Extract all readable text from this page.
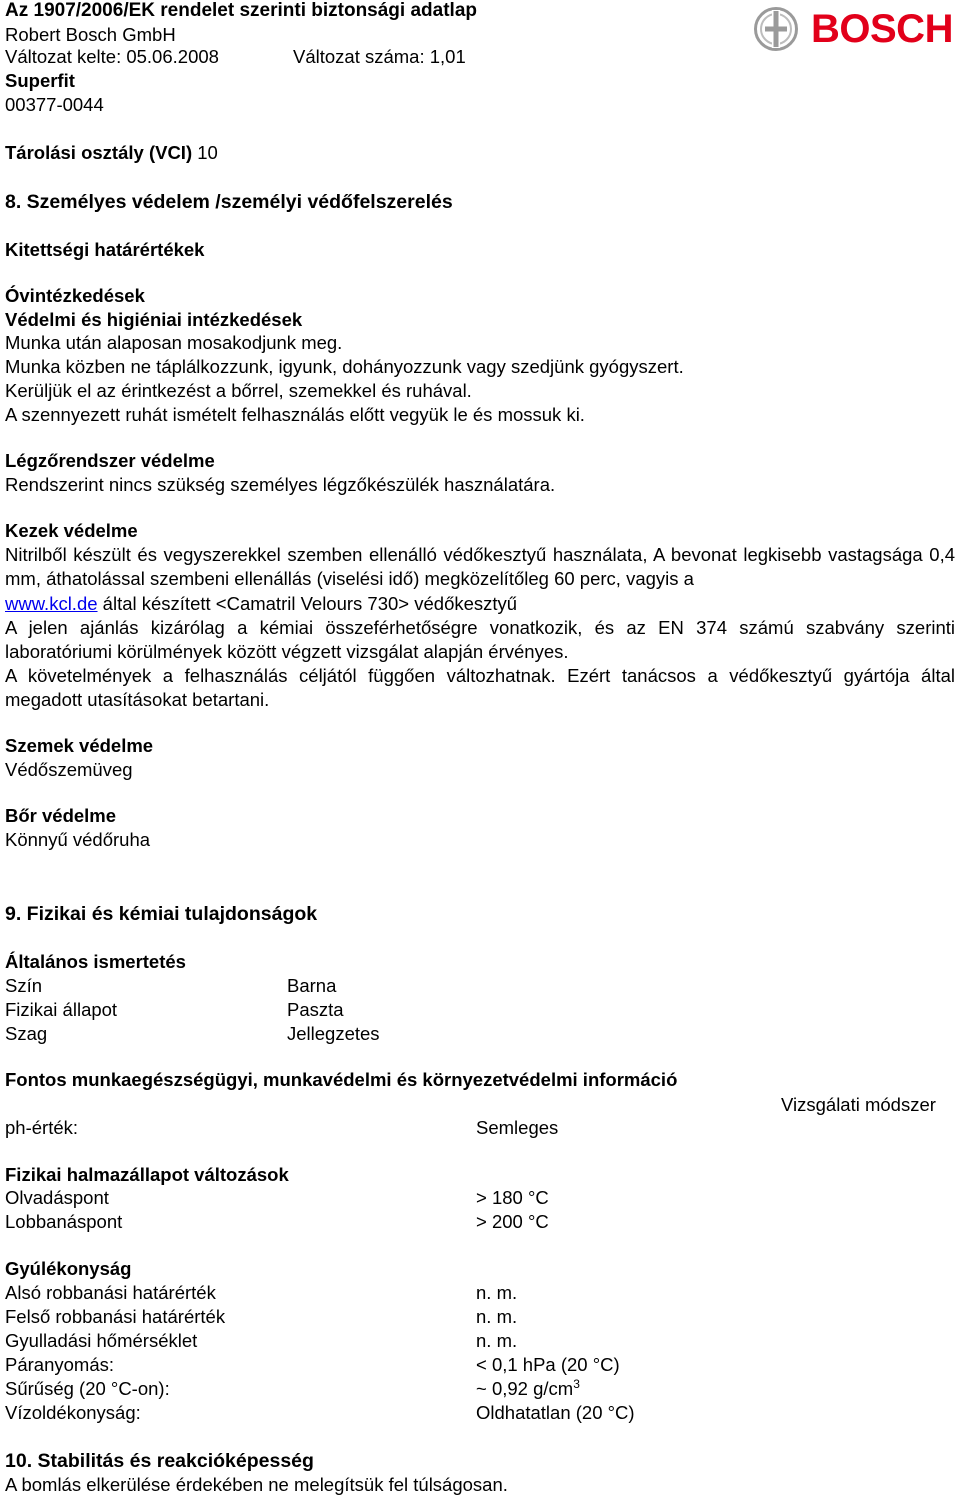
Az 1907/2006/EK rendelet szerinti biztonsági adatlap
Robert Bosch GmbH
Változat kelte: 05.06.2008	Változat száma: 1,01
Superfit
00377-0044
BOSCH
Tárolási osztály (VCI) 10
8. Személyes védelem /személyi védőfelszerelés
Kitettségi határértékek
Óvintézkedések
Védelmi és higiéniai intézkedések
Munka után alaposan mosakodjunk meg.
Munka közben ne táplálkozzunk, igyunk, dohányozzunk vagy szedjünk gyógyszert.
Kerüljük el az érintkezést a bőrrel, szemekkel és ruhával.
A szennyezett ruhát ismételt felhasználás előtt vegyük le és mossuk ki.
Légzőrendszer védelme
Rendszerint nincs szükség személyes légzőkészülék használatára.
Kezek védelme
Nitrilből készült és vegyszerekkel szemben ellenálló védőkesztyű használata, A bevonat legkisebb vastagsága 0,4 mm, áthatolással szembeni ellenállás (viselési idő) megközelítőleg 60 perc, vagyis a
www.kcl.de által készített <Camatril Velours 730> védőkesztyű
A jelen ajánlás kizárólag a kémiai összeférhetőségre vonatkozik, és az EN 374 számú szabvány szerinti laboratóriumi körülmények között végzett vizsgálat alapján érvényes.
A követelmények a felhasználás céljától függően változhatnak. Ezért tanácsos a védőkesztyű gyártója által megadott utasításokat betartani.
Szemek védelme
Védőszemüveg
Bőr védelme
Könnyű védőruha
9. Fizikai és kémiai tulajdonságok
Általános ismertetés
Szín	Barna
Fizikai állapot	Paszta
Szag	Jellegzetes
Fontos munkaegészségügyi, munkavédelmi és környezetvédelmi információ
Vizsgálati módszer
ph-érték:	Semleges
Fizikai halmazállapot változások
Olvadáspont	> 180 °C
Lobbanáspont	> 200 °C
Gyúlékonyság
Alsó robbanási határérték	n. m.
Felső robbanási határérték	n. m.
Gyulladási hőmérséklet	n. m.
Páranyomás:	< 0,1 hPa (20 °C)
Sűrűség (20 °C-on):	~ 0,92 $g/cm^3$
Vízoldékonyság:	Oldhatatlan (20 °C)
10. Stabilitás és reakcióképesség
A bomlás elkerülése érdekében ne melegítsük fel túlságosan.
